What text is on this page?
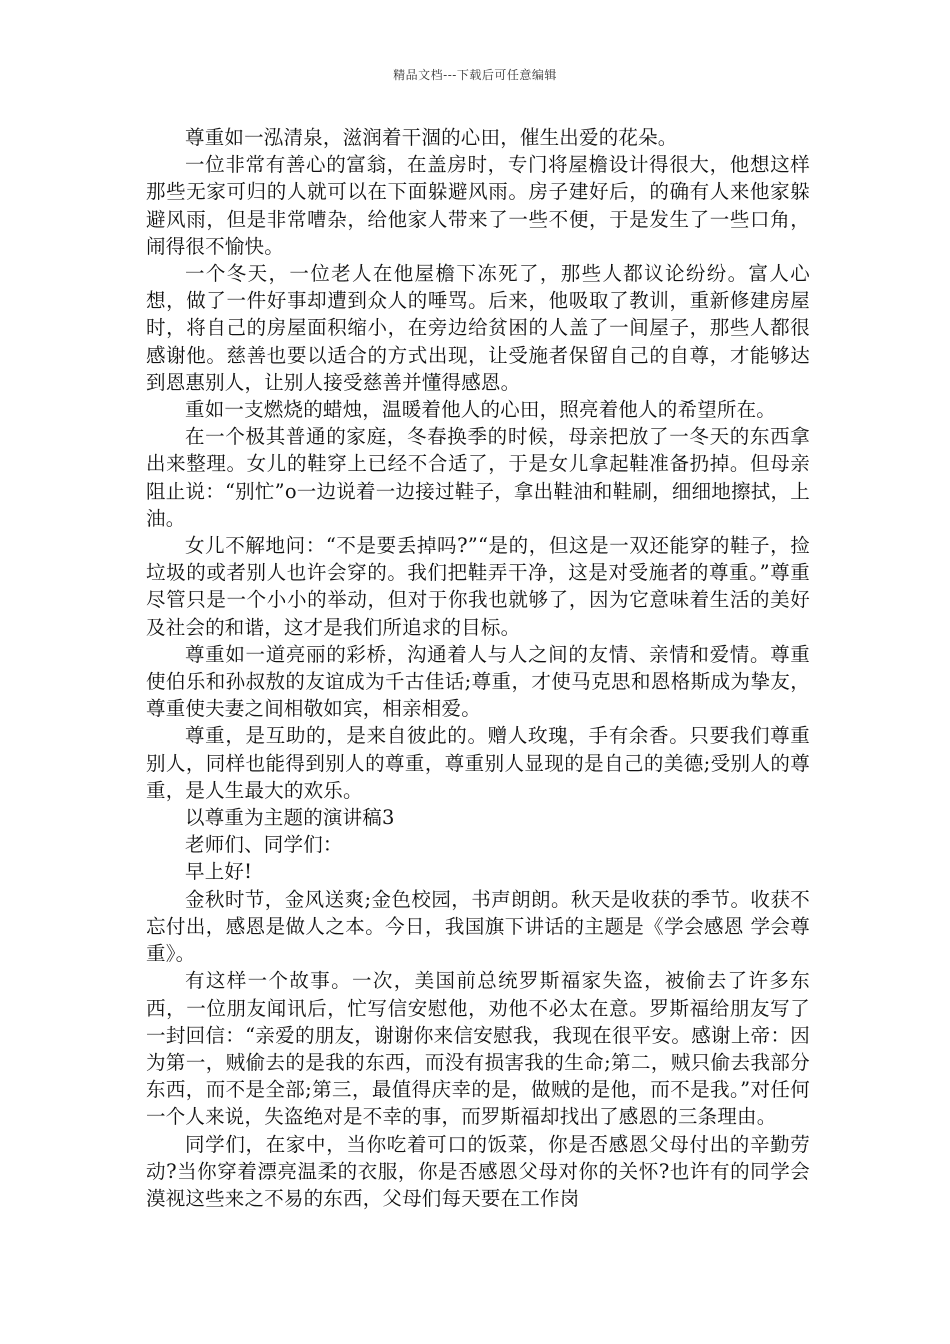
精品文档---下载后可任意编辑

尊重如一泓清泉，滋润着干涸的心田，催生出爱的花朵。

一位非常有善心的富翁，在盖房时，专门将屋檐设计得很大，他想这样那些无家可归的人就可以在下面躲避风雨。房子建好后，的确有人来他家躲避风雨，但是非常嘈杂，给他家人带来了一些不便，于是发生了一些口角，闹得很不愉快。

一个冬天，一位老人在他屋檐下冻死了，那些人都议论纷纷。富人心想，做了一件好事却遭到众人的唾骂。后来，他吸取了教训，重新修建房屋时，将自己的房屋面积缩小，在旁边给贫困的人盖了一间屋子，那些人都很感谢他。慈善也要以适合的方式出现，让受施者保留自己的自尊，才能够达到恩惠别人，让别人接受慈善并懂得感恩。

重如一支燃烧的蜡烛，温暖着他人的心田，照亮着他人的希望所在。

在一个极其普通的家庭，冬春换季的时候，母亲把放了一冬天的东西拿出来整理。女儿的鞋穿上已经不合适了，于是女儿拿起鞋准备扔掉。但母亲阻止说：“别忙”o一边说着一边接过鞋子，拿出鞋油和鞋刷，细细地擦拭，上油。

女儿不解地问：“不是要丢掉吗?”“是的，但这是一双还能穿的鞋子，捡垃圾的或者别人也许会穿的。我们把鞋弄干净，这是对受施者的尊重。”尊重尽管只是一个小小的举动，但对于你我也就够了，因为它意味着生活的美好及社会的和谐，这才是我们所追求的目标。

尊重如一道亮丽的彩桥，沟通着人与人之间的友情、亲情和爱情。尊重使伯乐和孙叔敖的友谊成为千古佳话;尊重，才使马克思和恩格斯成为挚友，尊重使夫妻之间相敬如宾，相亲相爱。

尊重，是互助的，是来自彼此的。赠人玫瑰，手有余香。只要我们尊重别人，同样也能得到别人的尊重，尊重别人显现的是自己的美德;受别人的尊重，是人生最大的欢乐。

以尊重为主题的演讲稿3

老师们、同学们：

早上好!

金秋时节，金风送爽;金色校园，书声朗朗。秋天是收获的季节。收获不忘付出，感恩是做人之本。今日，我国旗下讲话的主题是《学会感恩 学会尊重》。

有这样一个故事。一次，美国前总统罗斯福家失盗，被偷去了许多东西，一位朋友闻讯后，忙写信安慰他，劝他不必太在意。罗斯福给朋友写了一封回信：“亲爱的朋友，谢谢你来信安慰我，我现在很平安。感谢上帝：因为第一，贼偷去的是我的东西，而没有损害我的生命;第二，贼只偷去我部分东西，而不是全部;第三，最值得庆幸的是，做贼的是他，而不是我。”对任何一个人来说，失盗绝对是不幸的事，而罗斯福却找出了感恩的三条理由。

同学们，在家中，当你吃着可口的饭菜，你是否感恩父母付出的辛勤劳动?当你穿着漂亮温柔的衣服，你是否感恩父母对你的关怀?也许有的同学会漠视这些来之不易的东西，父母们每天要在工作岗
